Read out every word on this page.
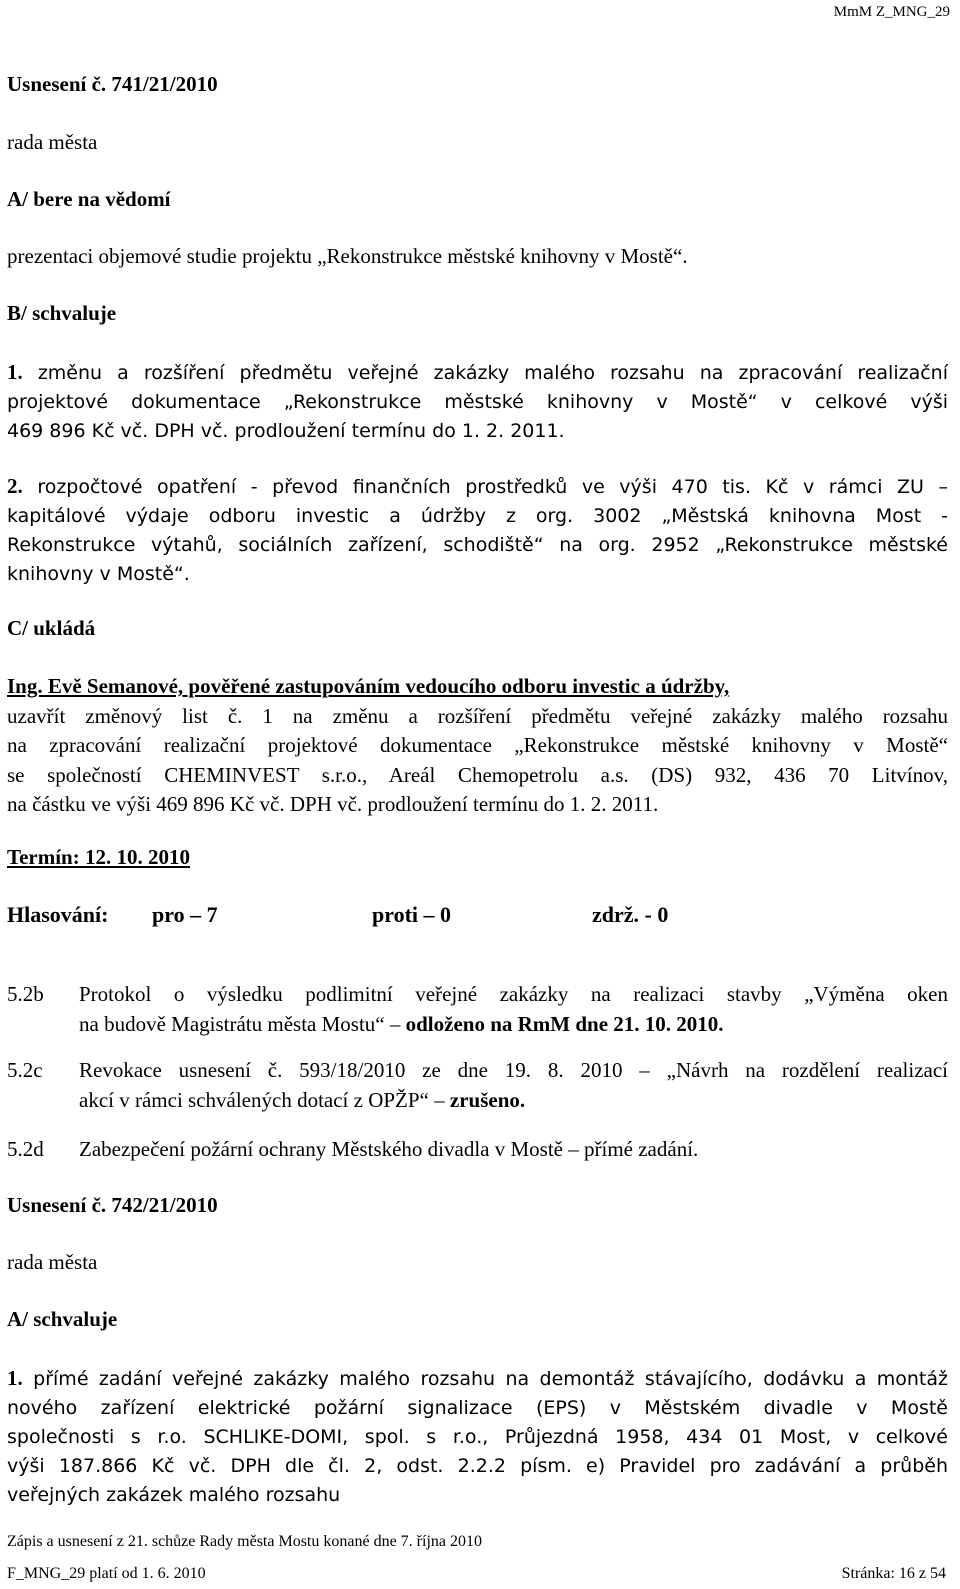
MmM Z_MNG_29
Usnesení č. 741/21/2010
rada města
A/ bere na vědomí
prezentaci objemové studie projektu „Rekonstrukce městské knihovny v Mostě“.
B/ schvaluje
1. změnu a rozšíření předmětu veřejné zakázky malého rozsahu na zpracování realizační
projektové dokumentace „Rekonstrukce městské knihovny v Mostě“ v celkové výši
469 896 Kč vč. DPH vč. prodloužení termínu do 1. 2. 2011.
2. rozpočtové opatření - převod finančních prostředků ve výši 470 tis. Kč v rámci ZU –
kapitálové výdaje odboru investic a údržby z org. 3002 „Městská knihovna Most -
Rekonstrukce výtahů, sociálních zařízení, schodiště“ na org. 2952 „Rekonstrukce městské
knihovny v Mostě“.
C/ ukládá
Ing. Evě Semanové, pověřené zastupováním vedoucího odboru investic a údržby,
uzavřít změnový list č. 1 na změnu a rozšíření předmětu veřejné zakázky malého rozsahu
na zpracování realizační projektové dokumentace „Rekonstrukce městské knihovny v Mostě“
se společností CHEMINVEST s.r.o., Areál Chemopetrolu a.s. (DS) 932, 436 70 Litvínov,
na částku ve výši 469 896 Kč vč. DPH vč. prodloužení termínu do 1. 2. 2011.
Termín: 12. 10. 2010
Hlasování: pro – 7	proti – 0	zdrž. - 0
5.2b Protokol o výsledku podlimitní veřejné zakázky na realizaci stavby „Výměna oken
na budově Magistrátu města Mostu“ – odloženo na RmM dne 21. 10. 2010.
5.2c Revokace usnesení č. 593/18/2010 ze dne 19. 8. 2010 – „Návrh na rozdělení realizací
akcí v rámci schválených dotací z OPŽP“ – zrušeno.
5.2d Zabezpečení požární ochrany Městského divadla v Mostě – přímé zadání.
Usnesení č. 742/21/2010
rada města
A/ schvaluje
1. přímé zadání veřejné zakázky malého rozsahu na demontáž stávajícího, dodávku a montáž
nového zařízení elektrické požární signalizace (EPS) v Městském divadle v Mostě
společnosti s r.o. SCHLIKE-DOMI, spol. s r.o., Průjezdná 1958, 434 01 Most, v celkové
výši 187.866 Kč vč. DPH dle čl. 2, odst. 2.2.2 písm. e) Pravidel pro zadávání a průběh
veřejných zakázek malého rozsahu
Zápis a usnesení z 21. schůze Rady města Mostu konané dne 7. října 2010
F_MNG_29 platí od 1. 6. 2010	Stránka: 16 z 54
